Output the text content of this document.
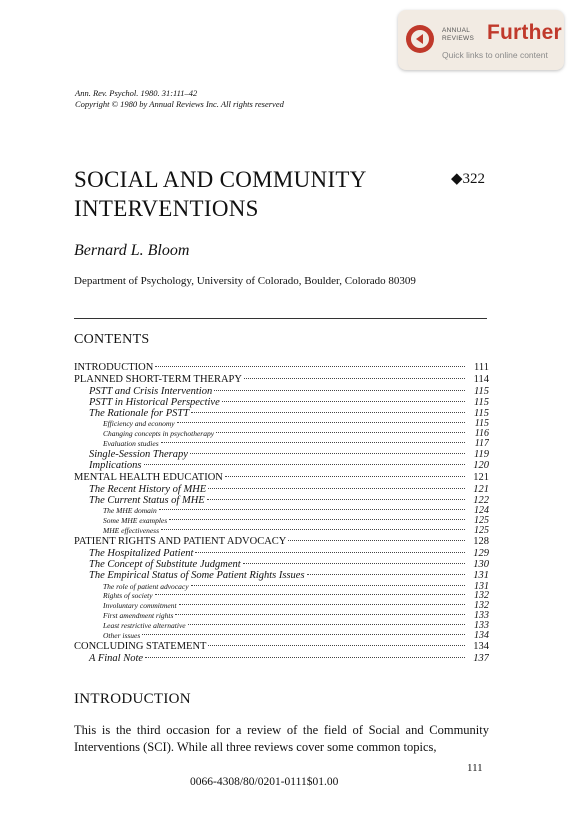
ANNUAL
REVIEWS Further
Quick links to online content
Ann. Rev. Psychol. 1980. 31:111–42
Copyright © 1980 by Annual Reviews Inc. All rights reserved
SOCIAL AND COMMUNITY
INTERVENTIONS
◆322
Bernard L. Bloom
Department of Psychology, University of Colorado, Boulder, Colorado 80309
CONTENTS
INTRODUCTION	111
PLANNED SHORT-TERM THERAPY	114
PSTT and Crisis Intervention	115
PSTT in Historical Perspective	115
The Rationale for PSTT	115
Efficiency and economy	115
Changing concepts in psychotherapy	116
Evaluation studies	117
Single-Session Therapy	119
Implications	120
MENTAL HEALTH EDUCATION	121
The Recent History of MHE	121
The Current Status of MHE	122
The MHE domain	124
Some MHE examples	125
MHE effectiveness	125
PATIENT RIGHTS AND PATIENT ADVOCACY	128
The Hospitalized Patient	129
The Concept of Substitute Judgment	130
The Empirical Status of Some Patient Rights Issues	131
The role of patient advocacy	131
Rights of society	132
Involuntary commitment	132
First amendment rights	133
Least restrictive alternative	133
Other issues	134
CONCLUDING STATEMENT	134
A Final Note	137
INTRODUCTION
This is the third occasion for a review of the field of Social and Community Interventions (SCI). While all three reviews cover some common topics,
111
0066-4308/80/0201-0111$01.00
